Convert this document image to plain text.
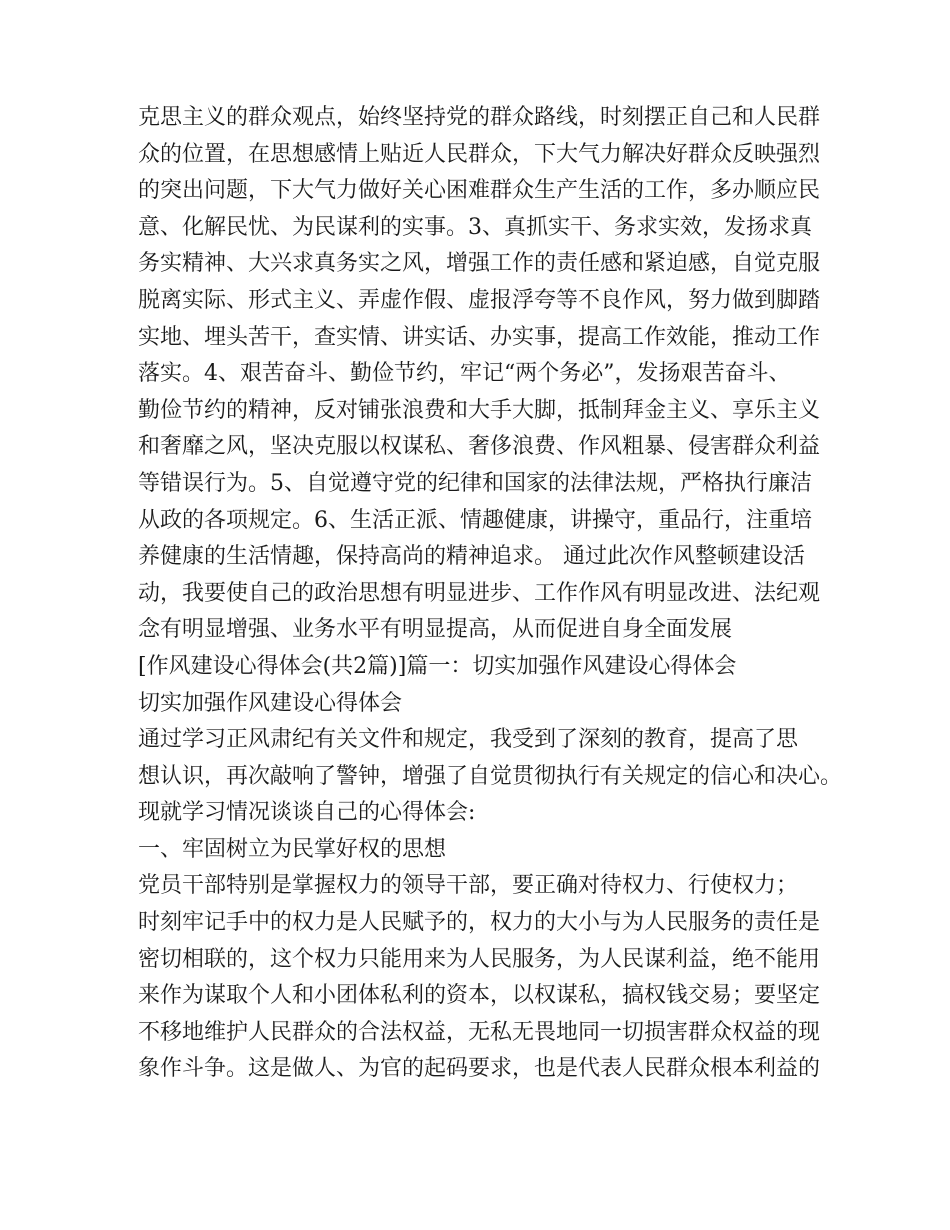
克思主义的群众观点，始终坚持党的群众路线，时刻摆正自己和人民群
众的位置，在思想感情上贴近人民群众，下大气力解决好群众反映强烈
的突出问题，下大气力做好关心困难群众生产生活的工作，多办顺应民
意、化解民忧、为民谋利的实事。3、真抓实干、务求实效，发扬求真
务实精神、大兴求真务实之风，增强工作的责任感和紧迫感，自觉克服
脱离实际、形式主义、弄虚作假、虚报浮夸等不良作风，努力做到脚踏
实地、埋头苦干，查实情、讲实话、办实事，提高工作效能，推动工作
落实。4、艰苦奋斗、勤俭节约，牢记“两个务必”，发扬艰苦奋斗、
勤俭节约的精神，反对铺张浪费和大手大脚，抵制拜金主义、享乐主义
和奢靡之风，坚决克服以权谋私、奢侈浪费、作风粗暴、侵害群众利益
等错误行为。5、自觉遵守党的纪律和国家的法律法规，严格执行廉洁
从政的各项规定。6、生活正派、情趣健康，讲操守，重品行，注重培
养健康的生活情趣，保持高尚的精神追求。 通过此次作风整顿建设活
动，我要使自己的政治思想有明显进步、工作作风有明显改进、法纪观
念有明显增强、业务水平有明显提高，从而促进自身全面发展
[作风建设心得体会(共2篇)]篇一：切实加强作风建设心得体会
切实加强作风建设心得体会
通过学习正风肃纪有关文件和规定，我受到了深刻的教育，提高了思
想认识，再次敲响了警钟，增强了自觉贯彻执行有关规定的信心和决心。
现就学习情况谈谈自己的心得体会:
一、牢固树立为民掌好权的思想
党员干部特别是掌握权力的领导干部，要正确对待权力、行使权力；
时刻牢记手中的权力是人民赋予的，权力的大小与为人民服务的责任是
密切相联的，这个权力只能用来为人民服务，为人民谋利益，绝不能用
来作为谋取个人和小团体私利的资本，以权谋私，搞权钱交易；要坚定
不移地维护人民群众的合法权益，无私无畏地同一切损害群众权益的现
象作斗争。这是做人、为官的起码要求，也是代表人民群众根本利益的
